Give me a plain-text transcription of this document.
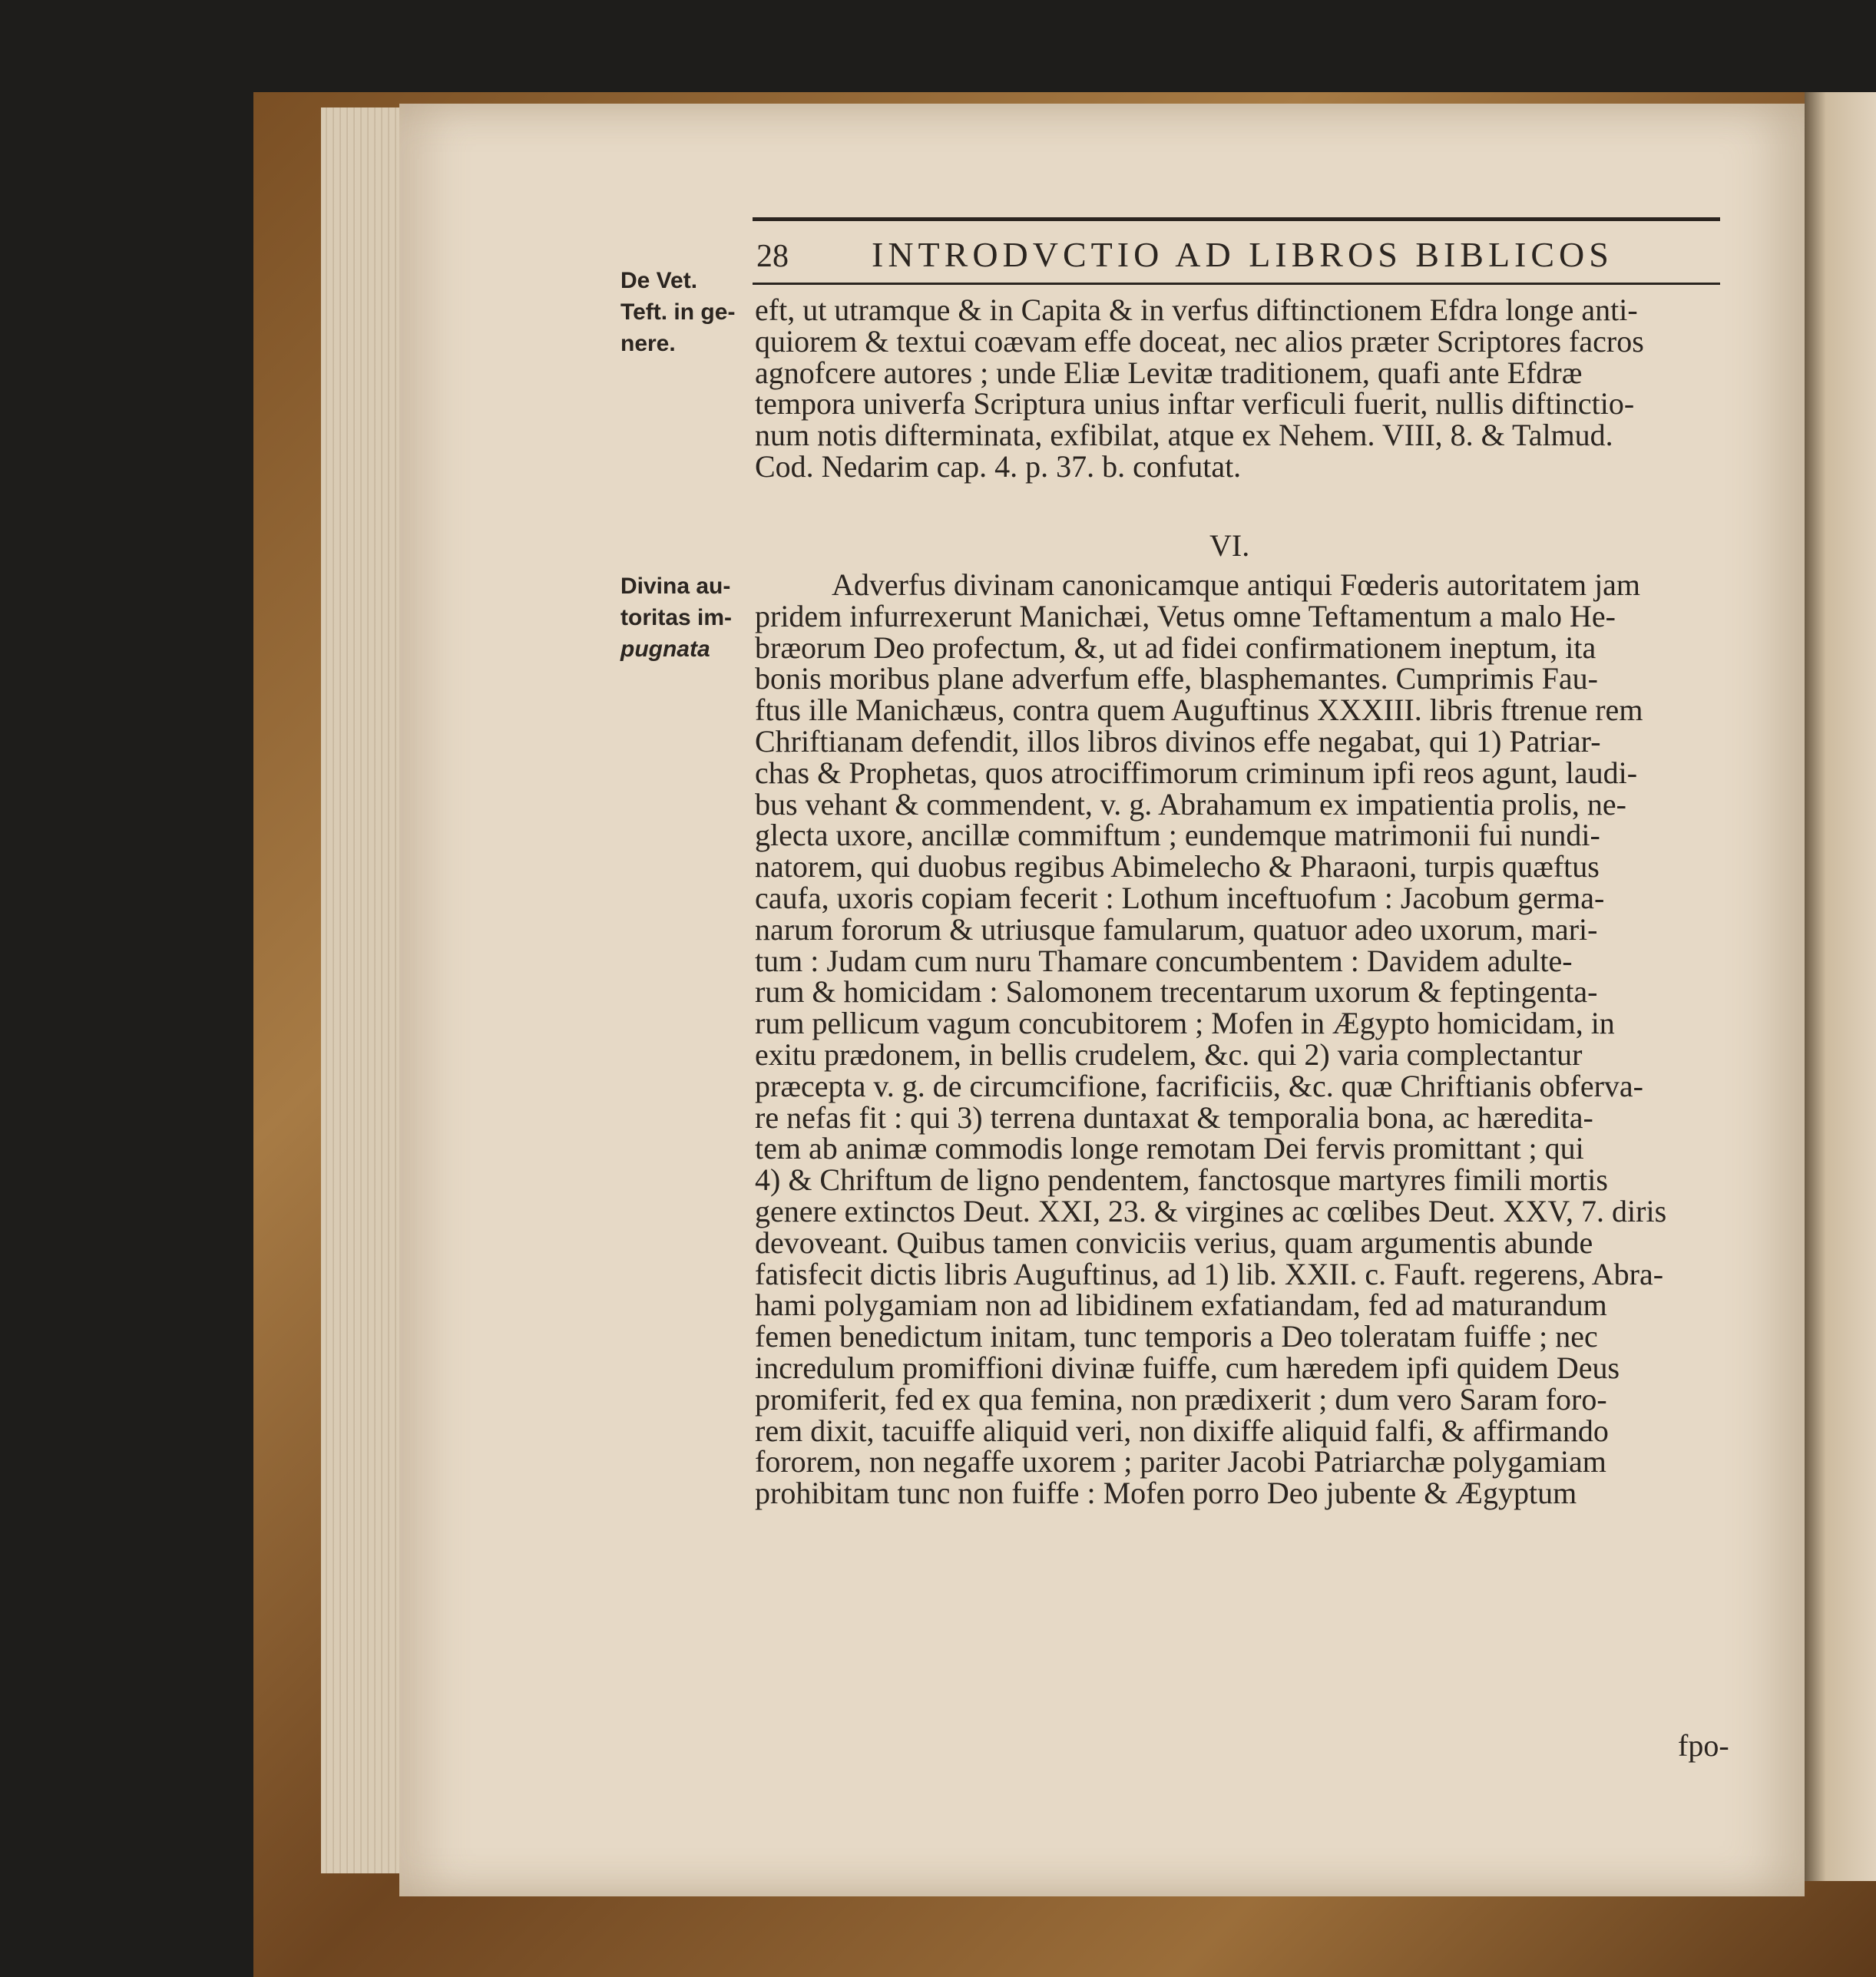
28 INTRODVCTIO AD LIBROS BIBLICOS
De Vet.
Teft. in ge-
nere.
Divina au-
toritas im-
pugnata
eft, ut utramque & in Capita & in verfus diftinctionem Efdra longe anti-
quiorem & textui coævam effe doceat, nec alios præter Scriptores facros
agnofcere autores ; unde Eliæ Levitæ traditionem, quafi ante Efdræ
tempora univerfa Scriptura unius inftar verficuli fuerit, nullis diftinctio-
num notis difterminata, exfibilat, atque ex Nehem. VIII, 8. & Talmud.
Cod. Nedarim cap. 4. p. 37. b. confutat.
VI.
Adverfus divinam canonicamque antiqui Fœderis autoritatem jam
pridem infurrexerunt Manichæi, Vetus omne Teftamentum a malo He-
bræorum Deo profectum, &, ut ad fidei confirmationem ineptum, ita
bonis moribus plane adverfum effe, blasphemantes. Cumprimis Fau-
ftus ille Manichæus, contra quem Auguftinus XXXIII. libris ftrenue rem
Chriftianam defendit, illos libros divinos effe negabat, qui 1) Patriar-
chas & Prophetas, quos atrociffimorum criminum ipfi reos agunt, laudi-
bus vehant & commendent, v. g. Abrahamum ex impatientia prolis, ne-
glecta uxore, ancillæ commiftum ; eundemque matrimonii fui nundi-
natorem, qui duobus regibus Abimelecho & Pharaoni, turpis quæftus
caufa, uxoris copiam fecerit : Lothum inceftuofum : Jacobum germa-
narum fororum & utriusque famularum, quatuor adeo uxorum, mari-
tum : Judam cum nuru Thamare concumbentem : Davidem adulte-
rum & homicidam : Salomonem trecentarum uxorum & feptingenta-
rum pellicum vagum concubitorem ; Mofen in Ægypto homicidam, in
exitu prædonem, in bellis crudelem, &c. qui 2) varia complectantur
præcepta v. g. de circumcifione, facrificiis, &c. quæ Chriftianis obferva-
re nefas fit : qui 3) terrena duntaxat & temporalia bona, ac hæredita-
tem ab animæ commodis longe remotam Dei fervis promittant ; qui
4) & Chriftum de ligno pendentem, fanctosque martyres fimili mortis
genere extinctos Deut. XXI, 23. & virgines ac cœlibes Deut. XXV, 7. diris
devoveant. Quibus tamen conviciis verius, quam argumentis abunde
fatisfecit dictis libris Auguftinus, ad 1) lib. XXII. c. Fauft. regerens, Abra-
hami polygamiam non ad libidinem exfatiandam, fed ad maturandum
femen benedictum initam, tunc temporis a Deo toleratam fuiffe ; nec
incredulum promiffioni divinæ fuiffe, cum hæredem ipfi quidem Deus
promiferit, fed ex qua femina, non prædixerit ; dum vero Saram foro-
rem dixit, tacuiffe aliquid veri, non dixiffe aliquid falfi, & affirmando
fororem, non negaffe uxorem ; pariter Jacobi Patriarchæ polygamiam
prohibitam tunc non fuiffe : Mofen porro Deo jubente & Ægyptum
fpo-
